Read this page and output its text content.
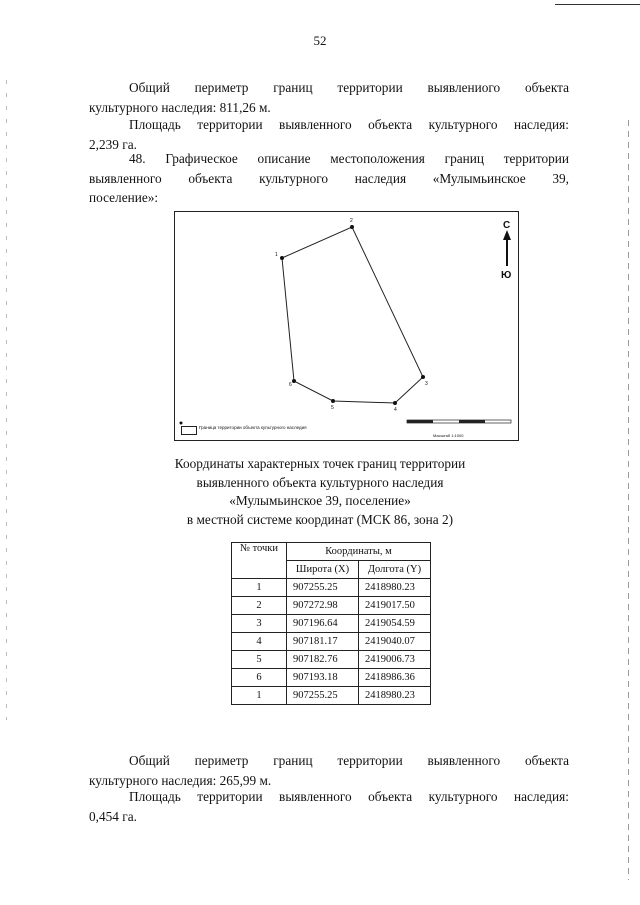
52
Общий периметр границ территории выявлениого объекта
культурного наследия: 811,26 м.
Площадь территории выявленного объекта культурного наследия:
2,239 га.
48. Графическое описание местоположения границ территории
выявленного объекта культурного наследия «Мулымьинское 39,
поселение»:
1
2
3
4
5
6
С
Ю
Граница территории объекта культурного наследия
Масштаб 1:1000
Координаты характерных точек границ территории
выявленного объекта культурного наследия
«Мулымьинское 39, поселение»
в местной системе координат (МСК 86, зона 2)
№ точки	Координаты, м	
	Широта (X)	Долгота (Y)
1	907255.25	2418980.23
2	907272.98	2419017.50
3	907196.64	2419054.59
4	907181.17	2419040.07
5	907182.76	2419006.73
6	907193.18	2418986.36
1	907255.25	2418980.23
Общий периметр границ территории выявленного объекта
культурного наследия: 265,99 м.
Площадь территории выявленного объекта культурного наследия:
0,454 га.
